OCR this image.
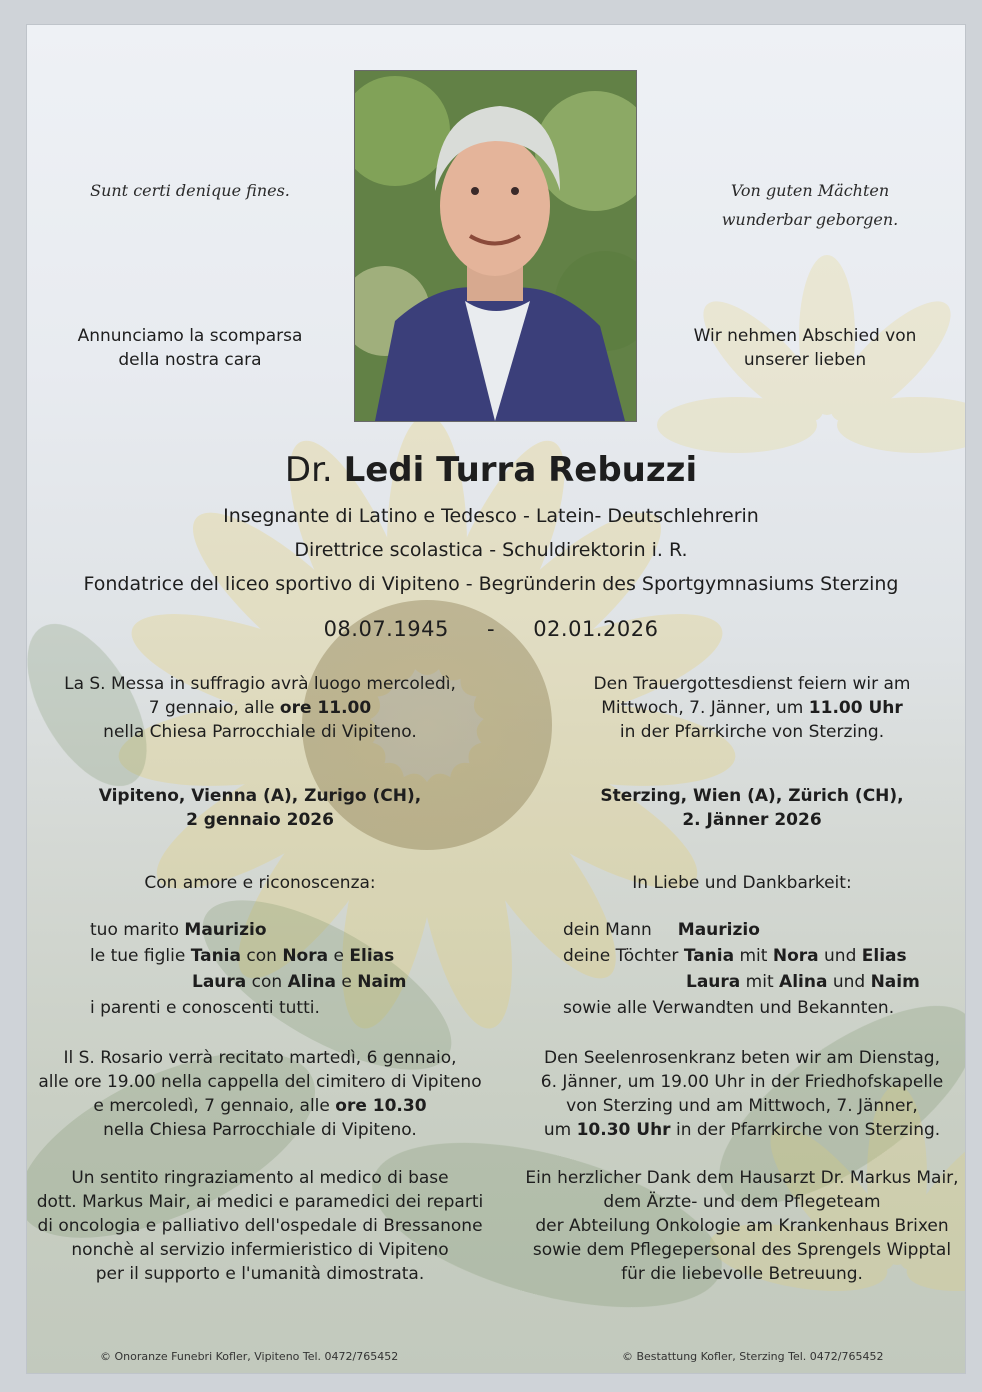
Sunt certi denique fines.	Von guten Mächten
wunderbar geborgen.
Annunciamo la scomparsa
della nostra cara
Wir nehmen Abschied von
unserer lieben
Dr. Ledi Turra Rebuzzi
Insegnante di Latino e Tedesco - Latein- Deutschlehrerin
Direttrice scolastica - Schuldirektorin i. R.
Fondatrice del liceo sportivo di Vipiteno - Begründerin des Sportgymnasiums Sterzing
08.07.1945 - 02.01.2026
La S. Messa in suffragio avrà luogo mercoledì,
7 gennaio, alle ore 11.00
nella Chiesa Parrocchiale di Vipiteno.
Den Trauergottesdienst feiern wir am
Mittwoch, 7. Jänner, um 11.00 Uhr
in der Pfarrkirche von Sterzing.
Vipiteno, Vienna (A), Zurigo (CH),
2 gennaio 2026
Sterzing, Wien (A), Zürich (CH),
2. Jänner 2026
Con amore e riconoscenza:
tuo marito Maurizio
le tue figlie Tania con Nora e Elias
Laura con Alina e Naim
i parenti e conoscenti tutti.
In Liebe und Dankbarkeit:
dein Mann Maurizio
deine Töchter Tania mit Nora und Elias
Laura mit Alina und Naim
sowie alle Verwandten und Bekannten.
Il S. Rosario verrà recitato martedì, 6 gennaio,
alle ore 19.00 nella cappella del cimitero di Vipiteno
e mercoledì, 7 gennaio, alle ore 10.30
nella Chiesa Parrocchiale di Vipiteno.
Den Seelenrosenkranz beten wir am Dienstag,
6. Jänner, um 19.00 Uhr in der Friedhofskapelle
von Sterzing und am Mittwoch, 7. Jänner,
um 10.30 Uhr in der Pfarrkirche von Sterzing.
Un sentito ringraziamento al medico di base
dott. Markus Mair, ai medici e paramedici dei reparti
di oncologia e palliativo dell'ospedale di Bressanone
nonchè al servizio infermieristico di Vipiteno
per il supporto e l'umanità dimostrata.
Ein herzlicher Dank dem Hausarzt Dr. Markus Mair,
dem Ärzte- und dem Pflegeteam
der Abteilung Onkologie am Krankenhaus Brixen
sowie dem Pflegepersonal des Sprengels Wipptal
für die liebevolle Betreuung.
© Onoranze Funebri Kofler, Vipiteno Tel. 0472/765452	© Bestattung Kofler, Sterzing Tel. 0472/765452
